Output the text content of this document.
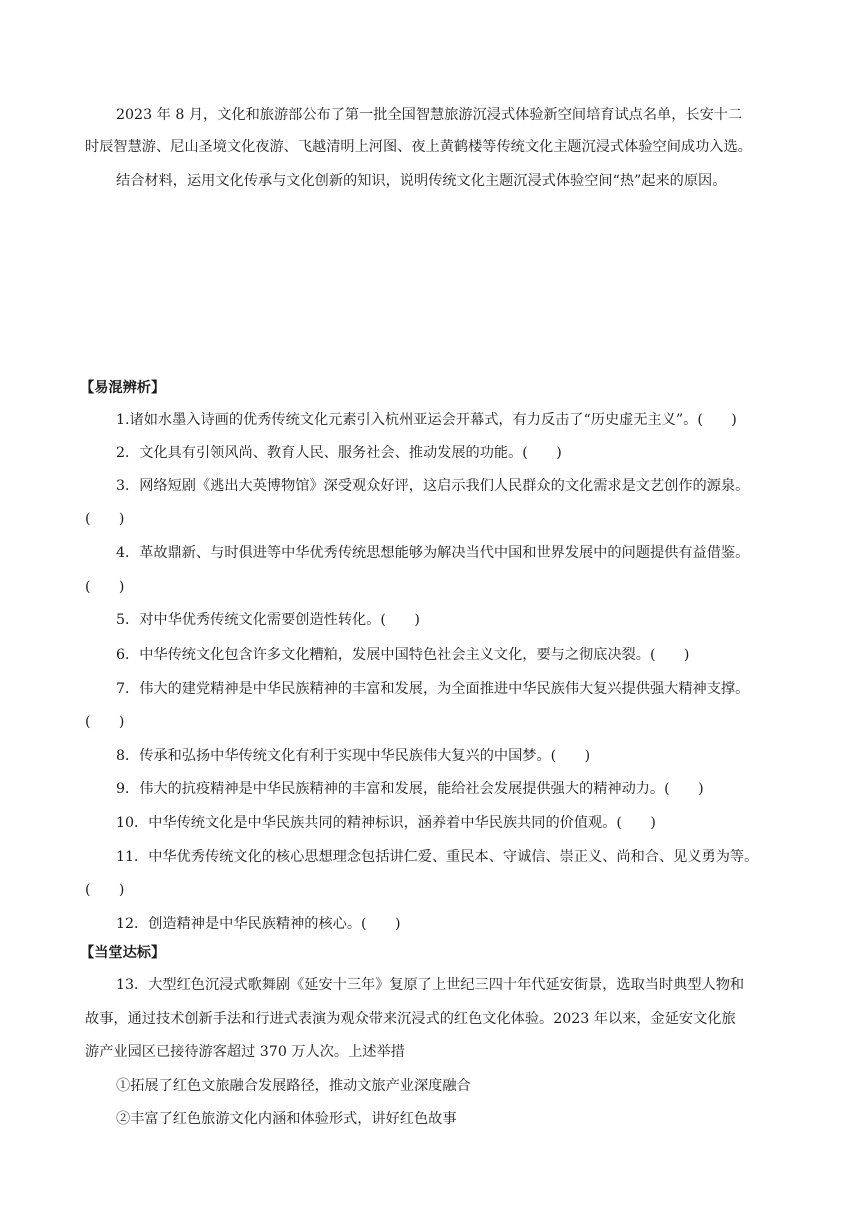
2023 年 8 月，文化和旅游部公布了第一批全国智慧旅游沉浸式体验新空间培育试点名单，长安十二
时辰智慧游、尼山圣境文化夜游、飞越清明上河图、夜上黄鹤楼等传统文化主题沉浸式体验空间成功入选。
结合材料，运用文化传承与文化创新的知识，说明传统文化主题沉浸式体验空间“热”起来的原因。
【易混辨析】
1.诸如水墨入诗画的优秀传统文化元素引入杭州亚运会开幕式，有力反击了“历史虚无主义”。(　　)
2．文化具有引领风尚、教育人民、服务社会、推动发展的功能。(　　)
3．网络短剧《逃出大英博物馆》深受观众好评，这启示我们人民群众的文化需求是文艺创作的源泉。
(　　)
4．革故鼎新、与时俱进等中华优秀传统思想能够为解决当代中国和世界发展中的问题提供有益借鉴。
(　　)
5．对中华优秀传统文化需要创造性转化。(　　)
6．中华传统文化包含许多文化糟粕，发展中国特色社会主义文化，要与之彻底决裂。(　　)
7．伟大的建党精神是中华民族精神的丰富和发展，为全面推进中华民族伟大复兴提供强大精神支撑。
(　　)
8．传承和弘扬中华传统文化有利于实现中华民族伟大复兴的中国梦。(　　)
9．伟大的抗疫精神是中华民族精神的丰富和发展，能给社会发展提供强大的精神动力。(　　)
10．中华传统文化是中华民族共同的精神标识，涵养着中华民族共同的价值观。(　　)
11．中华优秀传统文化的核心思想理念包括讲仁爱、重民本、守诚信、崇正义、尚和合、见义勇为等。
(　　)
12．创造精神是中华民族精神的核心。(　　)
【当堂达标】
13．大型红色沉浸式歌舞剧《延安十三年》复原了上世纪三四十年代延安街景，选取当时典型人物和
故事，通过技术创新手法和行进式表演为观众带来沉浸式的红色文化体验。2023 年以来，金延安文化旅
游产业园区已接待游客超过 370 万人次。上述举措
①拓展了红色文旅融合发展路径，推动文旅产业深度融合
②丰富了红色旅游文化内涵和体验形式，讲好红色故事
